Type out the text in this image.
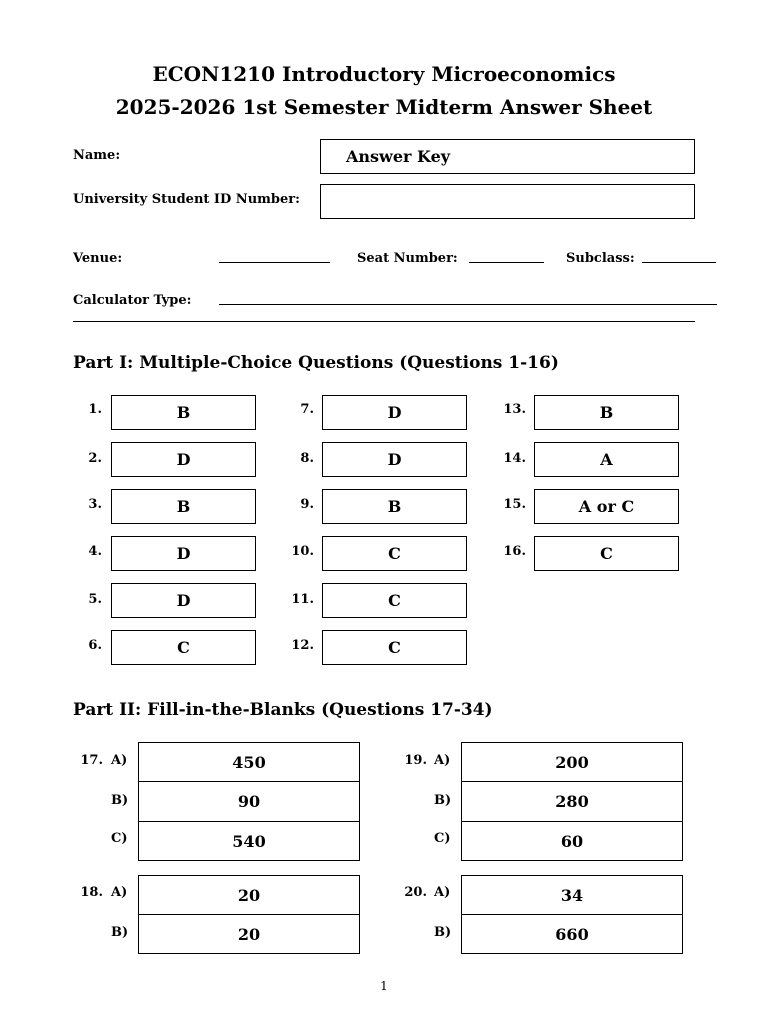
ECON1210 Introductory Microeconomics
2025-2026 1st Semester Midterm Answer Sheet
Name:	Answer Key
University Student ID Number:
Venue:	Seat Number:	Subclass:
Calculator Type:
Part I: Multiple-Choice Questions (Questions 1-16)
1.	B
2.	D
3.	B
4.	D
5.	D
6.	C
7.	D
8.	D
9.	B
10.	C
11.	C
12.	C
13.	B
14.	A
15.	A or C
16.	C
Part II: Fill-in-the-Blanks (Questions 17-34)
17. A)	450
B)	90
C)	540
19. A)	200
B)	280
C)	60
18. A)	20
B)	20
20. A)	34
B)	660
1
